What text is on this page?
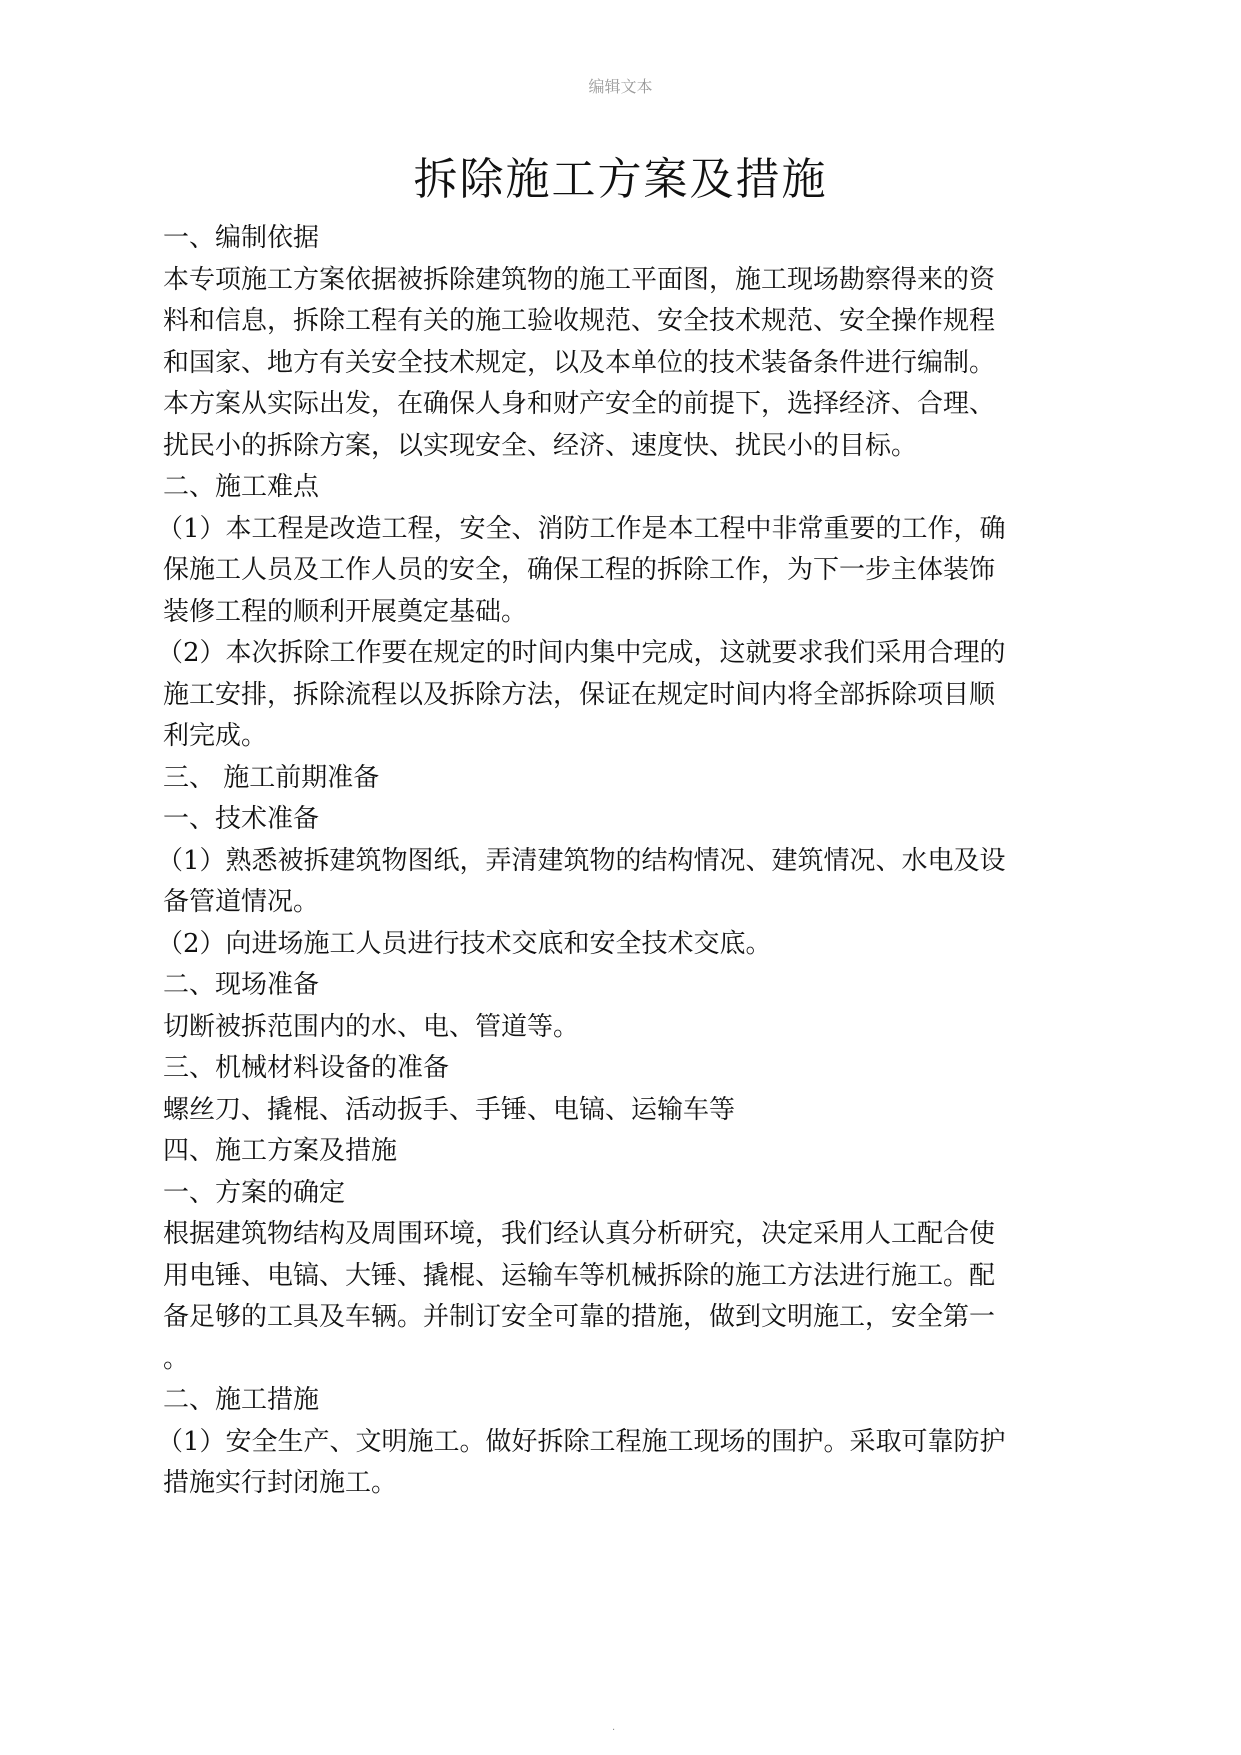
编辑文本
拆除施工方案及措施
一、编制依据
本专项施工方案依据被拆除建筑物的施工平面图，施工现场勘察得来的资
料和信息，拆除工程有关的施工验收规范、安全技术规范、安全操作规程
和国家、地方有关安全技术规定，以及本单位的技术装备条件进行编制。
本方案从实际出发，在确保人身和财产安全的前提下，选择经济、合理、
扰民小的拆除方案，以实现安全、经济、速度快、扰民小的目标。
二、施工难点
（1）本工程是改造工程，安全、消防工作是本工程中非常重要的工作，确
保施工人员及工作人员的安全，确保工程的拆除工作，为下一步主体装饰
装修工程的顺利开展奠定基础。
（2）本次拆除工作要在规定的时间内集中完成，这就要求我们采用合理的
施工安排，拆除流程以及拆除方法，保证在规定时间内将全部拆除项目顺
利完成。
三、 施工前期准备
一、技术准备
（1）熟悉被拆建筑物图纸，弄清建筑物的结构情况、建筑情况、水电及设
备管道情况。
（2）向进场施工人员进行技术交底和安全技术交底。
二、现场准备
切断被拆范围内的水、电、管道等。
三、机械材料设备的准备
螺丝刀、撬棍、活动扳手、手锤、电镐、运输车等
四、施工方案及措施
一、方案的确定
根据建筑物结构及周围环境，我们经认真分析研究，决定采用人工配合使
用电锤、电镐、大锤、撬棍、运输车等机械拆除的施工方法进行施工。配
备足够的工具及车辆。并制订安全可靠的措施，做到文明施工，安全第一
。
二、施工措施
（1）安全生产、文明施工。做好拆除工程施工现场的围护。采取可靠防护
措施实行封闭施工。
.
